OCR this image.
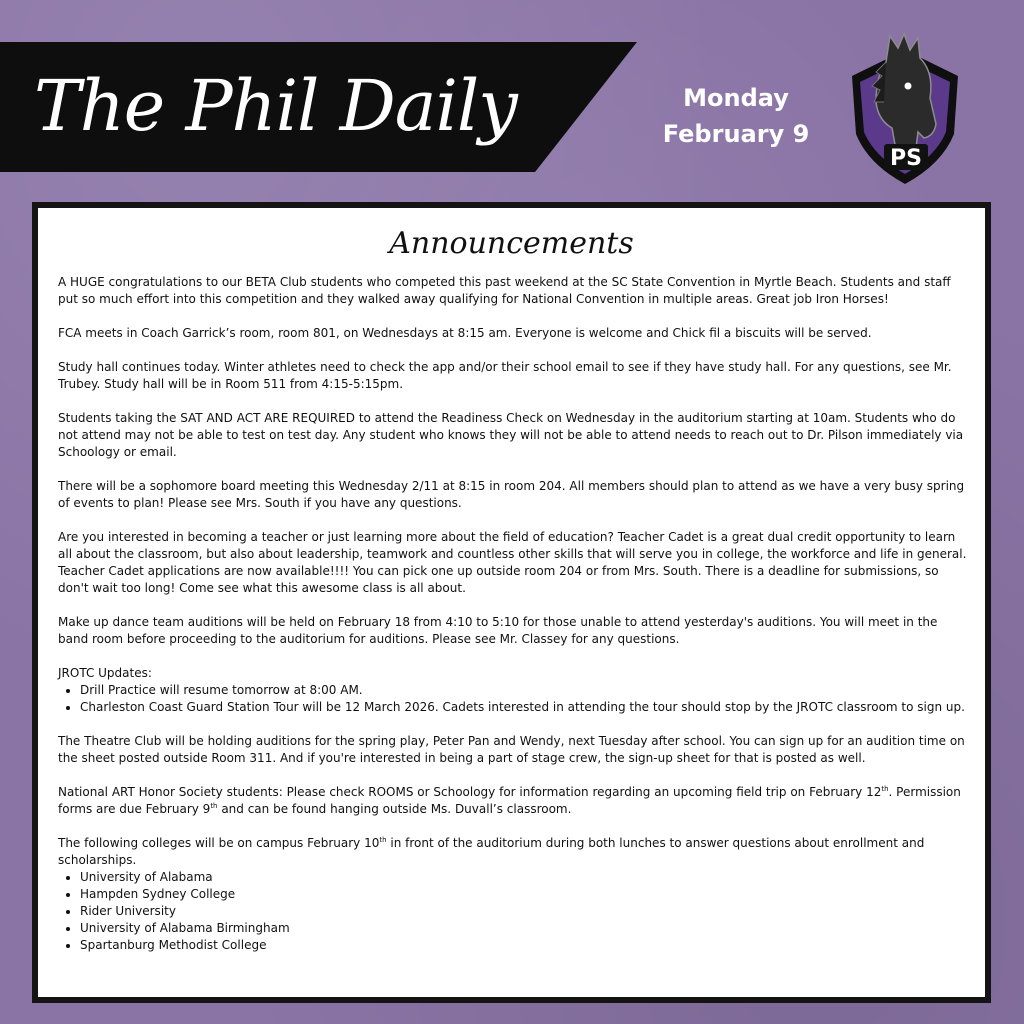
The Phil Daily	Monday
February 9
PS
Announcements

A HUGE congratulations to our BETA Club students who competed this past weekend at the SC State Convention in Myrtle Beach. Students and staff put so much effort into this competition and they walked away qualifying for National Convention in multiple areas. Great job Iron Horses!

FCA meets in Coach Garrick’s room, room 801, on Wednesdays at 8:15 am. Everyone is welcome and Chick fil a biscuits will be served.

Study hall continues today. Winter athletes need to check the app and/or their school email to see if they have study hall. For any questions, see Mr. Trubey. Study hall will be in Room 511 from 4:15-5:15pm.

Students taking the SAT AND ACT ARE REQUIRED to attend the Readiness Check on Wednesday in the auditorium starting at 10am. Students who do not attend may not be able to test on test day. Any student who knows they will not be able to attend needs to reach out to Dr. Pilson immediately via Schoology or email.

There will be a sophomore board meeting this Wednesday 2/11 at 8:15 in room 204. All members should plan to attend as we have a very busy spring of events to plan! Please see Mrs. South if you have any questions.

Are you interested in becoming a teacher or just learning more about the field of education? Teacher Cadet is a great dual credit opportunity to learn all about the classroom, but also about leadership, teamwork and countless other skills that will serve you in college, the workforce and life in general. Teacher Cadet applications are now available!!!! You can pick one up outside room 204 or from Mrs. South. There is a deadline for submissions, so don't wait too long! Come see what this awesome class is all about.

Make up dance team auditions will be held on February 18 from 4:10 to 5:10 for those unable to attend yesterday's auditions. You will meet in the band room before proceeding to the auditorium for auditions. Please see Mr. Classey for any questions.

JROTC Updates:

• Drill Practice will resume tomorrow at 8:00 AM.
• Charleston Coast Guard Station Tour will be 12 March 2026. Cadets interested in attending the tour should stop by the JROTC classroom to sign up.

The Theatre Club will be holding auditions for the spring play, Peter Pan and Wendy, next Tuesday after school. You can sign up for an audition time on the sheet posted outside Room 311. And if you're interested in being a part of stage crew, the sign-up sheet for that is posted as well.

National ART Honor Society students: Please check ROOMS or Schoology for information regarding an upcoming field trip on February 12th. Permission forms are due February 9th and can be found hanging outside Ms. Duvall’s classroom.

The following colleges will be on campus February 10th in front of the auditorium during both lunches to answer questions about enrollment and scholarships.

• University of Alabama
• Hampden Sydney College
• Rider University
• University of Alabama Birmingham
• Spartanburg Methodist College
